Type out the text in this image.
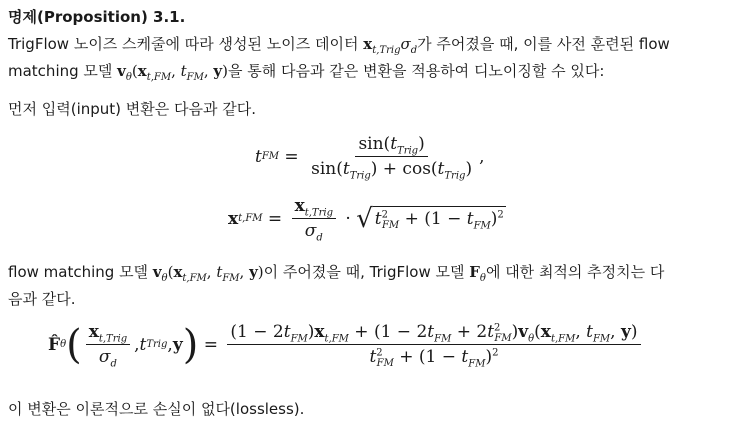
명제(Proposition) 3.1.
TrigFlow 노이즈 스케줄에 따라 생성된 노이즈 데이터 $x_{t,Trig}\sigma_d$가 주어졌을 때, 이를 사전 훈련된 flow
matching 모델 $v_\theta(x_{t,FM}$, $t_{FM}$, y)을 통해 다음과 같은 변환을 적용하여 디노이징할 수 있다:
먼저 입력(input) 변환은 다음과 같다.
t FM = $\frac{\sin(t_{Trig})}{\sin(t_{Trig}) + \cos(t_{Trig})}$ ,
x $t,FM = \frac{x_{t,Trig}}{\sigma_d}$ · √ $t^2_{FM} + (1 - t_{FM})^2$
flow matching 모델 $v_\theta(x_{t,FM}$, $t_{FM}$, y)이 주어졌을 때, TrigFlow 모델 $F_\theta$에 대한 최적의 추정치는 다
음과 같다.
F̂ θ ( $\frac{x_{t,Trig}}{\sigma_d}$ , t Trig , y ) = $\frac{(1 - 2t_{FM})x_{t,FM} + (1 - 2t_{FM} + 2t^2_{FM})v_\theta(x_{t,FM}, t_{FM}, y)}{t^2_{FM} + (1 - t_{FM})^2}$
이 변환은 이론적으로 손실이 없다(lossless).
